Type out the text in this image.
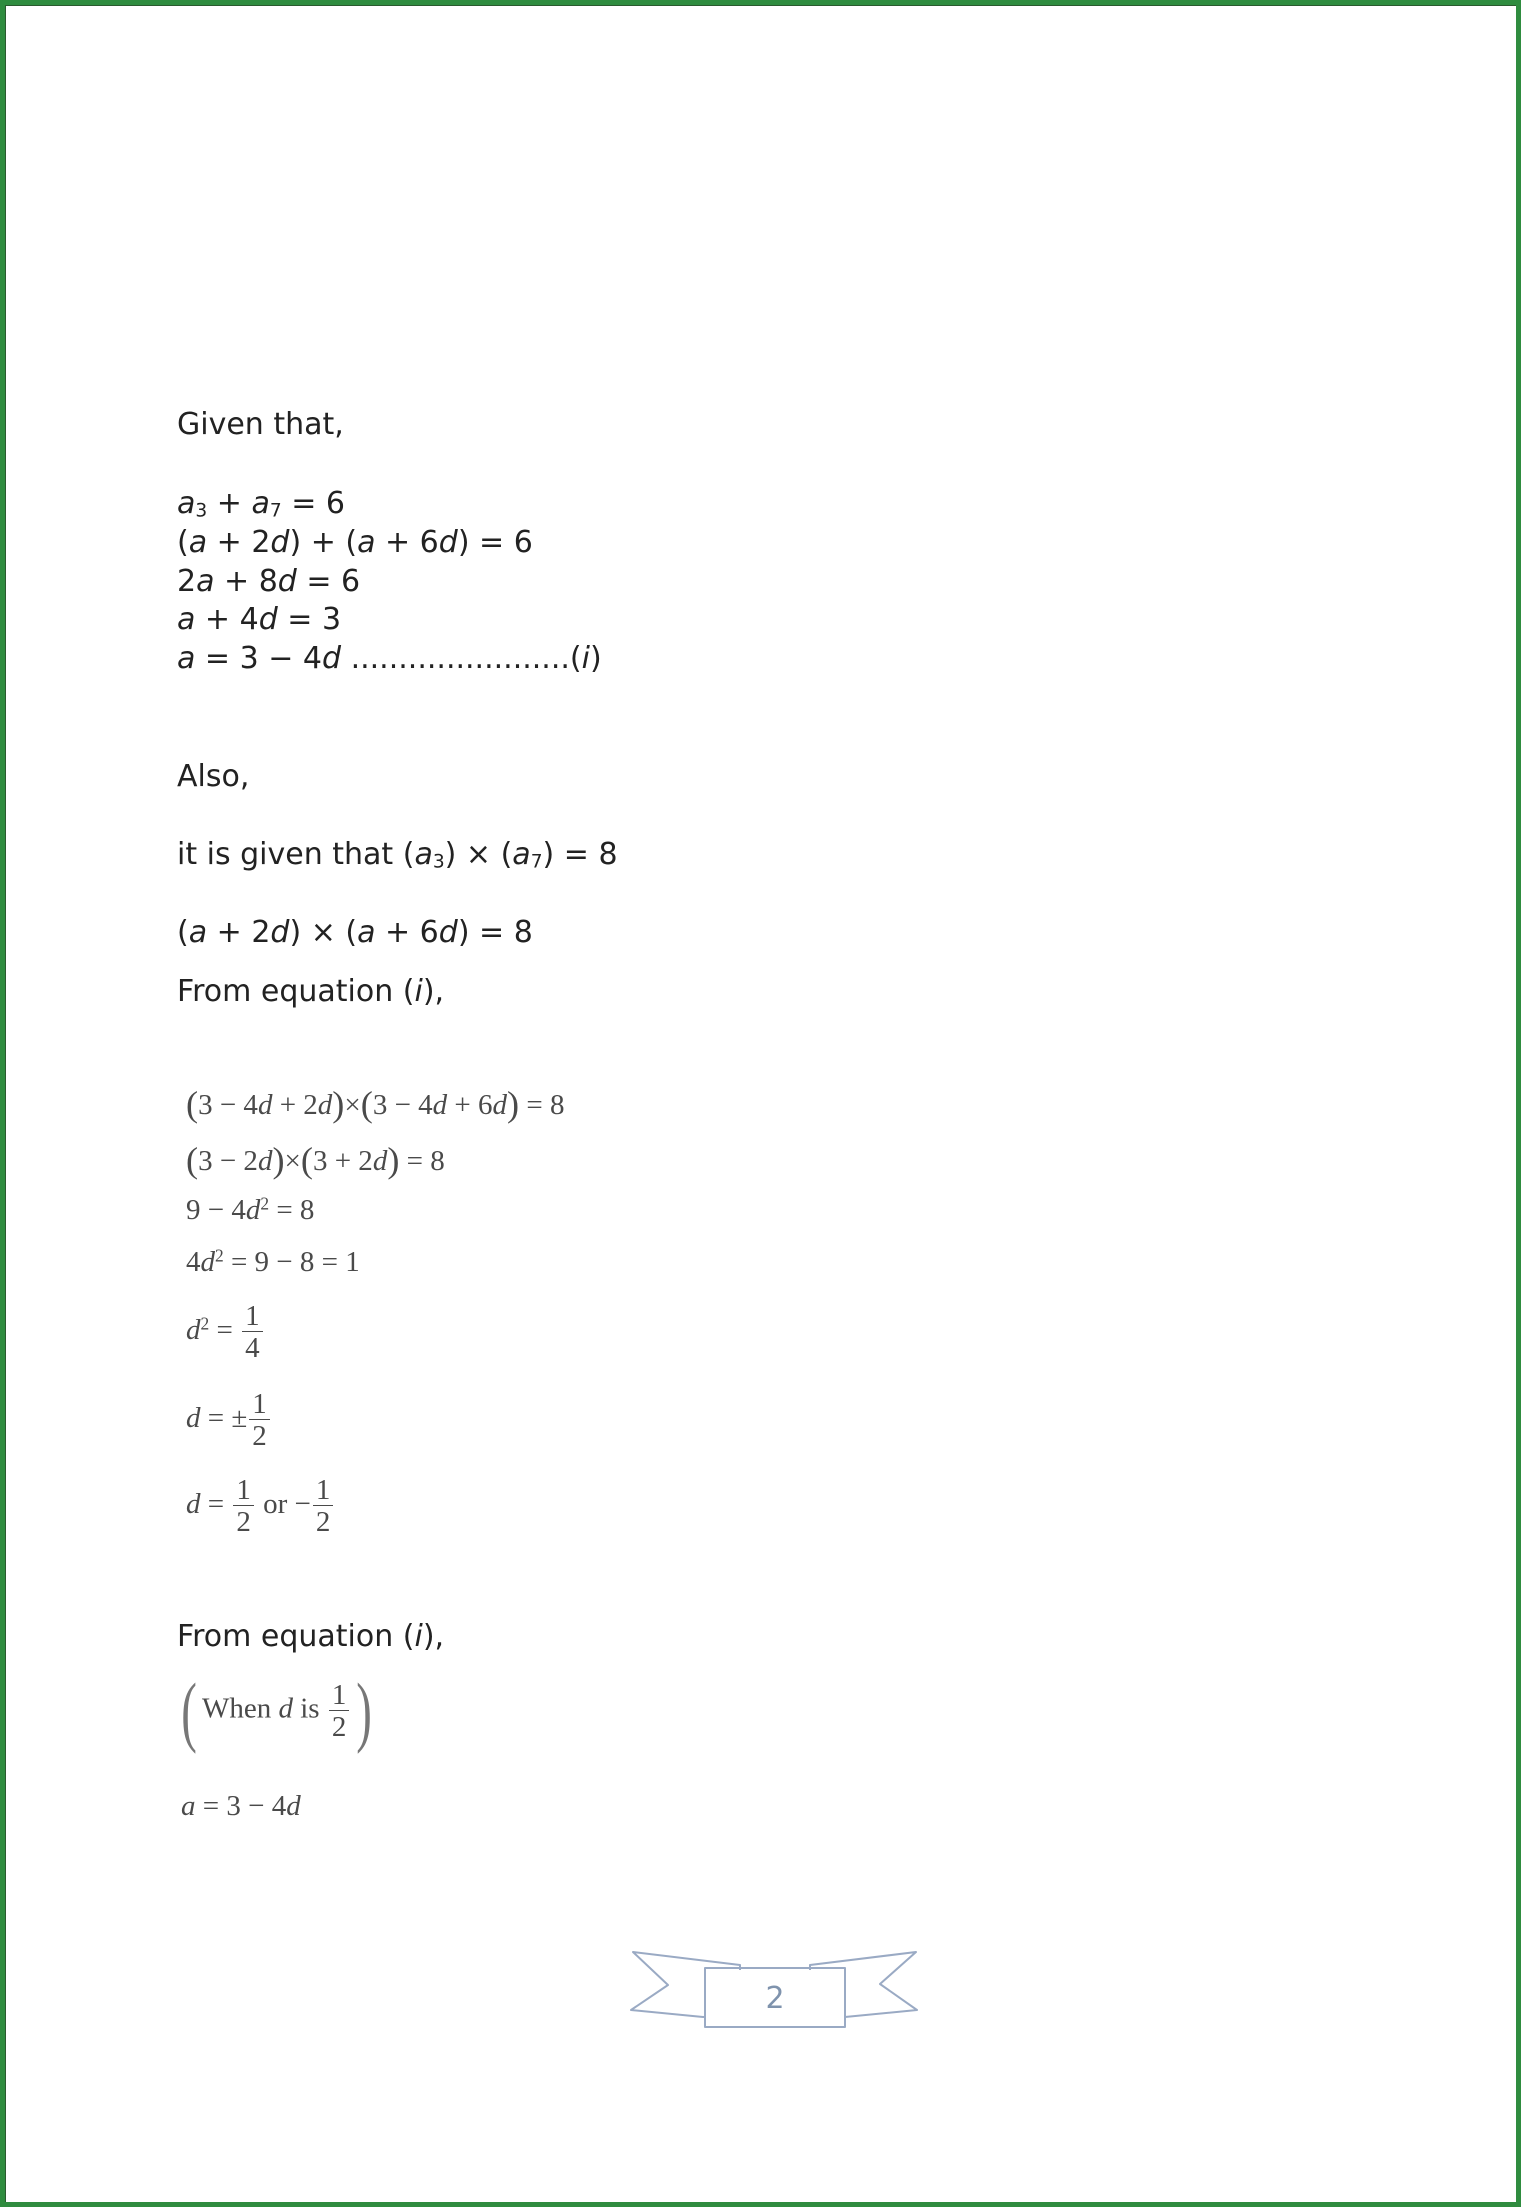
Given that,
$a_3 + a_7 = 6$
(a + 2d) + (a + 6d) = 6
2a + 8d = 6
a + 4d = 3
a = 3 − 4d .......................(i)
Also,
it is given that $(a_3) \times (a_7) = 8$
(a + 2d) × (a + 6d) = 8
From equation (i),
(3 − 4d + 2d)×(3 − 4d + 6d) = 8
(3 − 2d)×(3 + 2d) = 8
$9 - 4d^2 = 8$
$4d^2 = 9 - 8 = 1$
$d^2 = \frac{1}{4}$
d = ± $\frac{1}{2}$
$d = \frac{1}{2}$ or − $\frac{1}{2}$
From equation (i),
( When d is $\frac{1}{2}$ )
a = 3 − 4d
2
